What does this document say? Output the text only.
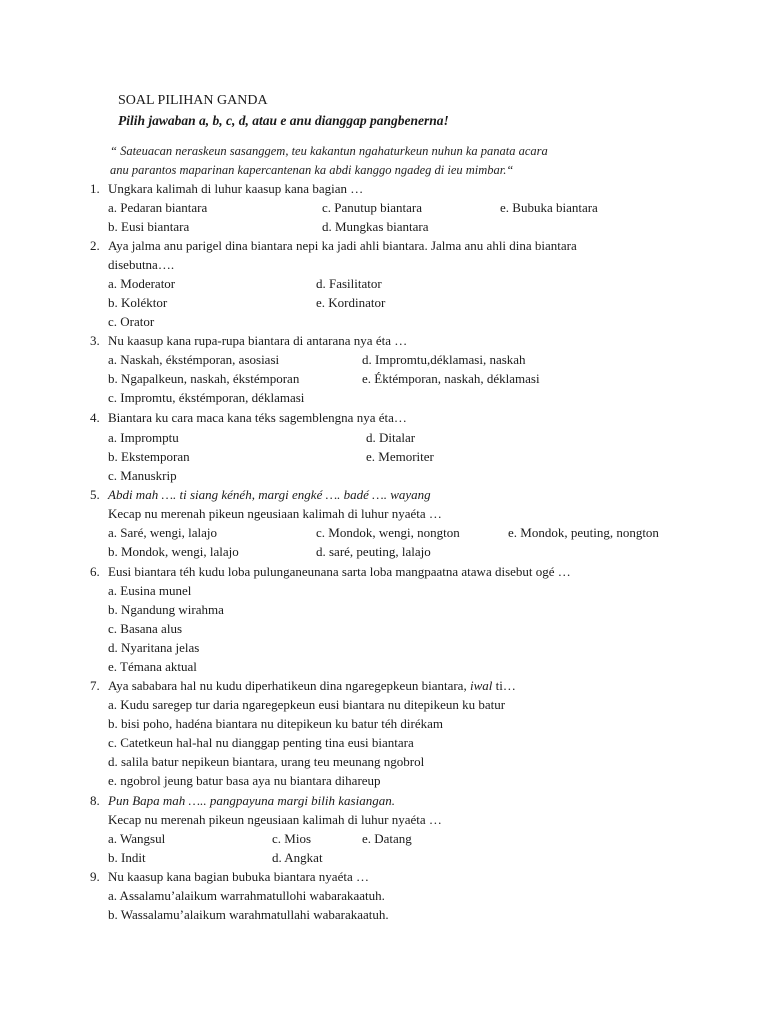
SOAL PILIHAN GANDA
Pilih jawaban a, b, c, d, atau e anu dianggap pangbenerna!
“ Sateuacan neraskeun sasanggem, teu kakantun ngahaturkeun nuhun ka panata acara
anu parantos maparinan kapercantenan ka abdi kanggo ngadeg di ieu mimbar.“
1. Ungkara kalimah di luhur kaasup kana bagian …
a. Pedaran biantara	c. Panutup biantara	e. Bubuka biantara
b. Eusi biantara	d. Mungkas biantara
2. Aya jalma anu parigel dina biantara nepi ka jadi ahli biantara. Jalma anu ahli dina biantara
disebutna….
a. Moderator	d. Fasilitator
b. Koléktor	e. Kordinator
c. Orator
3. Nu kaasup kana rupa-rupa biantara di antarana nya éta …
a. Naskah, ékstémporan, asosiasi	d. Impromtu,déklamasi, naskah
b. Ngapalkeun, naskah, ékstémporan	e. Éktémporan, naskah, déklamasi
c. Impromtu, ékstémporan, déklamasi
4. Biantara ku cara maca kana téks sagemblengna nya éta…
a. Impromptu	d. Ditalar
b. Ekstemporan	e. Memoriter
c. Manuskrip
5. Abdi mah …. ti siang kénéh, margi engké …. badé …. wayang
Kecap nu merenah pikeun ngeusiaan kalimah di luhur nyaéta …
a. Saré, wengi, lalajo	c. Mondok, wengi, nongton	e. Mondok, peuting, nongton
b. Mondok, wengi, lalajo	d. saré, peuting, lalajo
6. Eusi biantara téh kudu loba pulunganeunana sarta loba mangpaatna atawa disebut ogé …
a. Eusina munel
b. Ngandung wirahma
c. Basana alus
d. Nyaritana jelas
e. Témana aktual
7. Aya sababara hal nu kudu diperhatikeun dina ngaregepkeun biantara, iwal ti…
a. Kudu saregep tur daria ngaregepkeun eusi biantara nu ditepikeun ku batur
b. bisi poho, hadéna biantara nu ditepikeun ku batur téh dirékam
c. Catetkeun hal-hal nu dianggap penting tina eusi biantara
d. salila batur nepikeun biantara, urang teu meunang ngobrol
e. ngobrol jeung batur basa aya nu biantara dihareup
8. Pun Bapa mah ….. pangpayuna margi bilih kasiangan.
Kecap nu merenah pikeun ngeusiaan kalimah di luhur nyaéta …
a. Wangsul	c. Mios	e. Datang
b. Indit	d. Angkat
9. Nu kaasup kana bagian bubuka biantara nyaéta …
a. Assalamu’alaikum warrahmatullohi wabarakaatuh.
b. Wassalamu’alaikum warahmatullahi wabarakaatuh.
